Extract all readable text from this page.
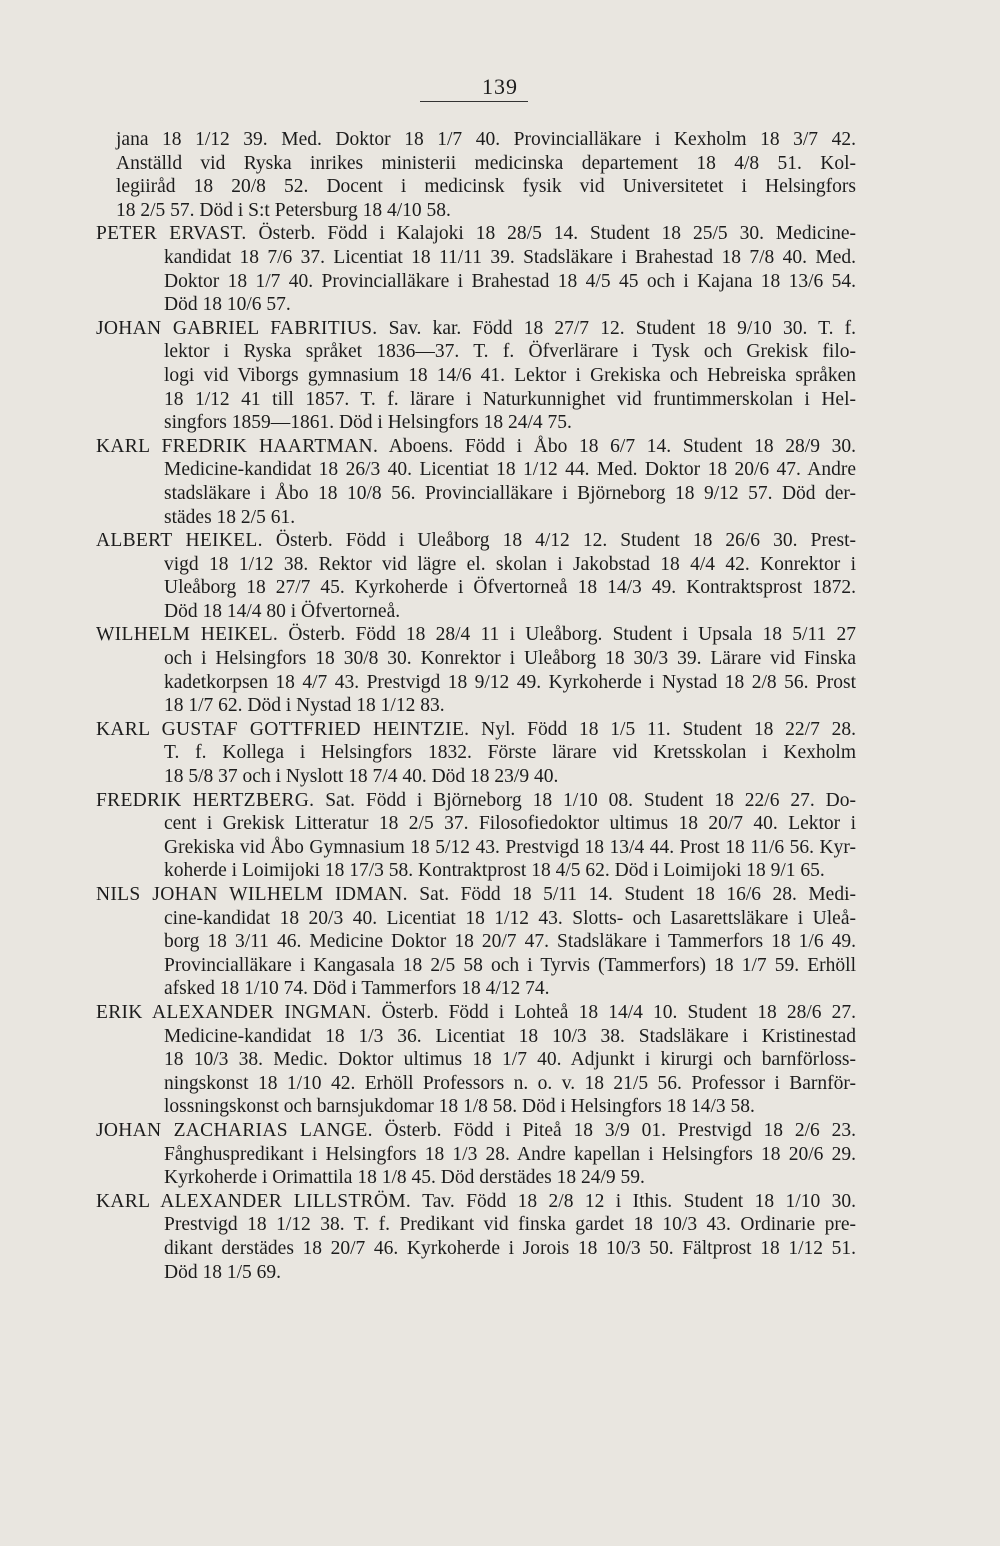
139
jana 18 1/12 39. Med. Doktor 18 1/7 40. Provincialläkare i Kexholm 18 3/7 42.
Anställd vid Ryska inrikes ministerii medicinska departement 18 4/8 51. Kol-
legiiråd 18 20/8 52. Docent i medicinsk fysik vid Universitetet i Helsingfors
18 2/5 57. Död i S:t Petersburg 18 4/10 58.
PETER ERVAST. Österb. Född i Kalajoki 18 28/5 14. Student 18 25/5 30. Medicine-
kandidat 18 7/6 37. Licentiat 18 11/11 39. Stadsläkare i Brahestad 18 7/8 40. Med.
Doktor 18 1/7 40. Provincialläkare i Brahestad 18 4/5 45 och i Kajana 18 13/6 54.
Död 18 10/6 57.
JOHAN GABRIEL FABRITIUS. Sav. kar. Född 18 27/7 12. Student 18 9/10 30. T. f.
lektor i Ryska språket 1836—37. T. f. Öfverlärare i Tysk och Grekisk filo-
logi vid Viborgs gymnasium 18 14/6 41. Lektor i Grekiska och Hebreiska språken
18 1/12 41 till 1857. T. f. lärare i Naturkunnighet vid fruntimmerskolan i Hel-
singfors 1859—1861. Död i Helsingfors 18 24/4 75.
KARL FREDRIK HAARTMAN. Aboens. Född i Åbo 18 6/7 14. Student 18 28/9 30.
Medicine-kandidat 18 26/3 40. Licentiat 18 1/12 44. Med. Doktor 18 20/6 47. Andre
stadsläkare i Åbo 18 10/8 56. Provincialläkare i Björneborg 18 9/12 57. Död der-
städes 18 2/5 61.
ALBERT HEIKEL. Österb. Född i Uleåborg 18 4/12 12. Student 18 26/6 30. Prest-
vigd 18 1/12 38. Rektor vid lägre el. skolan i Jakobstad 18 4/4 42. Konrektor i
Uleåborg 18 27/7 45. Kyrkoherde i Öfvertorneå 18 14/3 49. Kontraktsprost 1872.
Död 18 14/4 80 i Öfvertorneå.
WILHELM HEIKEL. Österb. Född 18 28/4 11 i Uleåborg. Student i Upsala 18 5/11 27
och i Helsingfors 18 30/8 30. Konrektor i Uleåborg 18 30/3 39. Lärare vid Finska
kadetkorpsen 18 4/7 43. Prestvigd 18 9/12 49. Kyrkoherde i Nystad 18 2/8 56. Prost
18 1/7 62. Död i Nystad 18 1/12 83.
KARL GUSTAF GOTTFRIED HEINTZIE. Nyl. Född 18 1/5 11. Student 18 22/7 28.
T. f. Kollega i Helsingfors 1832. Förste lärare vid Kretsskolan i Kexholm
18 5/8 37 och i Nyslott 18 7/4 40. Död 18 23/9 40.
FREDRIK HERTZBERG. Sat. Född i Björneborg 18 1/10 08. Student 18 22/6 27. Do-
cent i Grekisk Litteratur 18 2/5 37. Filosofiedoktor ultimus 18 20/7 40. Lektor i
Grekiska vid Åbo Gymnasium 18 5/12 43. Prestvigd 18 13/4 44. Prost 18 11/6 56. Kyr-
koherde i Loimijoki 18 17/3 58. Kontraktprost 18 4/5 62. Död i Loimijoki 18 9/1 65.
NILS JOHAN WILHELM IDMAN. Sat. Född 18 5/11 14. Student 18 16/6 28. Medi-
cine-kandidat 18 20/3 40. Licentiat 18 1/12 43. Slotts- och Lasarettsläkare i Uleå-
borg 18 3/11 46. Medicine Doktor 18 20/7 47. Stadsläkare i Tammerfors 18 1/6 49.
Provincialläkare i Kangasala 18 2/5 58 och i Tyrvis (Tammerfors) 18 1/7 59. Erhöll
afsked 18 1/10 74. Död i Tammerfors 18 4/12 74.
ERIK ALEXANDER INGMAN. Österb. Född i Lohteå 18 14/4 10. Student 18 28/6 27.
Medicine-kandidat 18 1/3 36. Licentiat 18 10/3 38. Stadsläkare i Kristinestad
18 10/3 38. Medic. Doktor ultimus 18 1/7 40. Adjunkt i kirurgi och barnförloss-
ningskonst 18 1/10 42. Erhöll Professors n. o. v. 18 21/5 56. Professor i Barnför-
lossningskonst och barnsjukdomar 18 1/8 58. Död i Helsingfors 18 14/3 58.
JOHAN ZACHARIAS LANGE. Österb. Född i Piteå 18 3/9 01. Prestvigd 18 2/6 23.
Fånghuspredikant i Helsingfors 18 1/3 28. Andre kapellan i Helsingfors 18 20/6 29.
Kyrkoherde i Orimattila 18 1/8 45. Död derstädes 18 24/9 59.
KARL ALEXANDER LILLSTRÖM. Tav. Född 18 2/8 12 i Ithis. Student 18 1/10 30.
Prestvigd 18 1/12 38. T. f. Predikant vid finska gardet 18 10/3 43. Ordinarie pre-
dikant derstädes 18 20/7 46. Kyrkoherde i Jorois 18 10/3 50. Fältprost 18 1/12 51.
Död 18 1/5 69.
